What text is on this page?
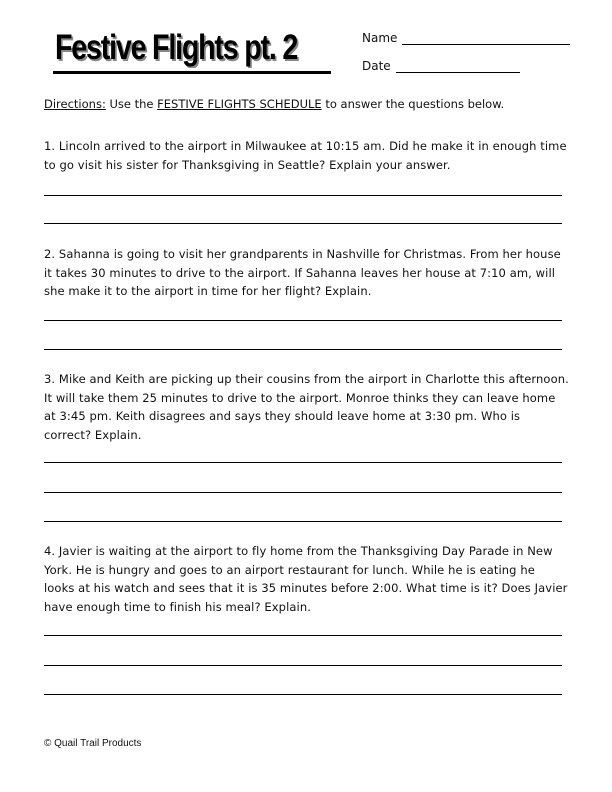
Festive Flights pt. 2	Name
Date
Directions: Use the FESTIVE FLIGHTS SCHEDULE to answer the questions below.
1. Lincoln arrived to the airport in Milwaukee at 10:15 am. Did he make it in enough time to go visit his sister for Thanksgiving in Seattle? Explain your answer.
2. Sahanna is going to visit her grandparents in Nashville for Christmas. From her house it takes 30 minutes to drive to the airport. If Sahanna leaves her house at 7:10 am, will she make it to the airport in time for her flight? Explain.
3. Mike and Keith are picking up their cousins from the airport in Charlotte this afternoon. It will take them 25 minutes to drive to the airport. Monroe thinks they can leave home at 3:45 pm. Keith disagrees and says they should leave home at 3:30 pm. Who is correct? Explain.
4. Javier is waiting at the airport to fly home from the Thanksgiving Day Parade in New York. He is hungry and goes to an airport restaurant for lunch. While he is eating he looks at his watch and sees that it is 35 minutes before 2:00. What time is it? Does Javier have enough time to finish his meal? Explain.
© Quail Trail Products
